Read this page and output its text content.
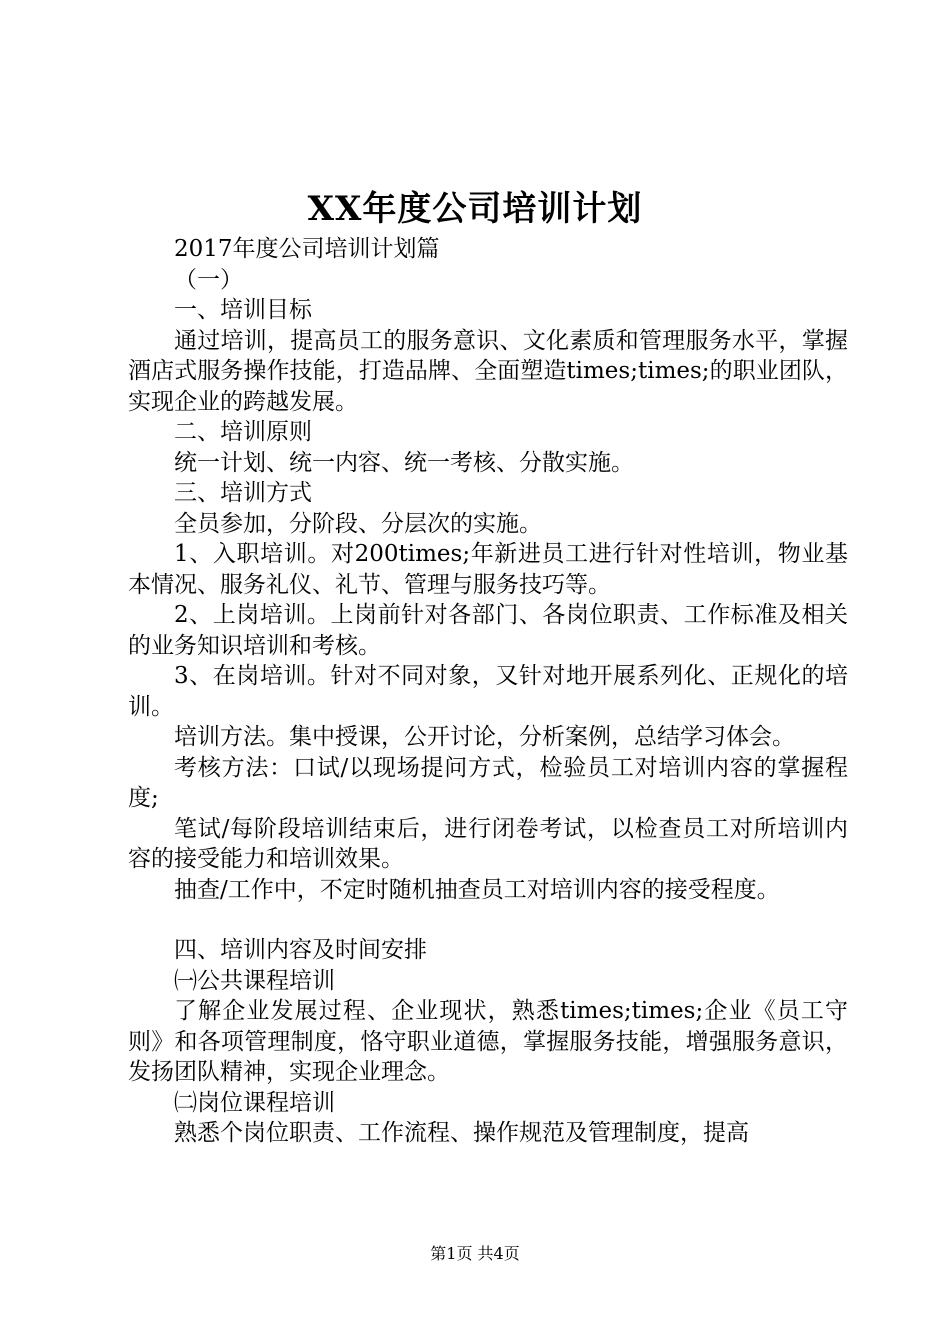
XX年度公司培训计划

2017年度公司培训计划篇

（一）

一、培训目标

通过培训，提高员工的服务意识、文化素质和管理服务水平，掌握酒店式服务操作技能，打造品牌、全面塑造times;times;的职业团队，实现企业的跨越发展。

二、培训原则

统一计划、统一内容、统一考核、分散实施。

三、培训方式

全员参加，分阶段、分层次的实施。

1、入职培训。对200times;年新进员工进行针对性培训，物业基本情况、服务礼仪、礼节、管理与服务技巧等。

2、上岗培训。上岗前针对各部门、各岗位职责、工作标准及相关的业务知识培训和考核。

3、在岗培训。针对不同对象，又针对地开展系列化、正规化的培训。

培训方法。集中授课，公开讨论，分析案例，总结学习体会。

考核方法：口试/以现场提问方式，检验员工对培训内容的掌握程度;

笔试/每阶段培训结束后，进行闭卷考试，以检查员工对所培训内容的接受能力和培训效果。

抽查/工作中，不定时随机抽查员工对培训内容的接受程度。

四、培训内容及时间安排

㈠公共课程培训

了解企业发展过程、企业现状，熟悉times;times;企业《员工守则》和各项管理制度，恪守职业道德，掌握服务技能，增强服务意识，发扬团队精神，实现企业理念。

㈡岗位课程培训

熟悉个岗位职责、工作流程、操作规范及管理制度，提高

第1页 共4页
